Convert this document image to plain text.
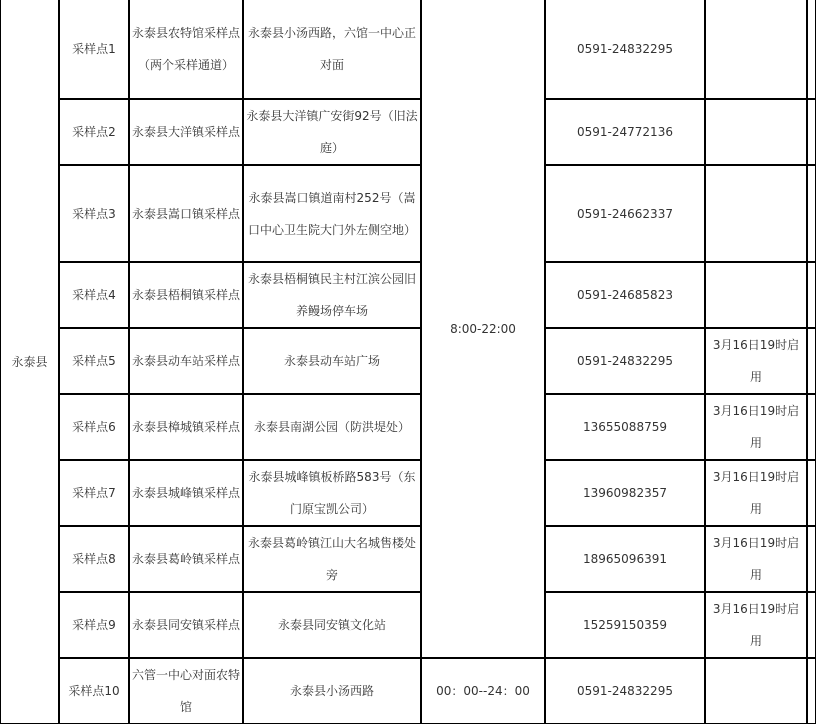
永泰县	采样点1	永泰县农特馆采样点（两个采样通道）	永泰县小汤西路，六馆一中心正对面	8:00-22:00	0591-24832295		
	采样点2	永泰县大洋镇采样点	永泰县大洋镇广安街92号（旧法庭）		0591-24772136		
	采样点3	永泰县嵩口镇采样点	永泰县嵩口镇道南村252号（嵩口中心卫生院大门外左侧空地）		0591-24662337		
	采样点4	永泰县梧桐镇采样点	永泰县梧桐镇民主村江滨公园旧养鳗场停车场		0591-24685823		
	采样点5	永泰县动车站采样点	永泰县动车站广场		0591-24832295	3月16日19时启用	
	采样点6	永泰县樟城镇采样点	永泰县南湖公园（防洪堤处）		13655088759	3月16日19时启用	
	采样点7	永泰县城峰镇采样点	永泰县城峰镇板桥路583号（东门原宝凯公司）		13960982357	3月16日19时启用	
	采样点8	永泰县葛岭镇采样点	永泰县葛岭镇江山大名城售楼处旁		18965096391	3月16日19时启用	
	采样点9	永泰县同安镇采样点	永泰县同安镇文化站		15259150359	3月16日19时启用	
	采样点10	六管一中心对面农特馆	永泰县小汤西路	00：00--24：00	0591-24832295		
